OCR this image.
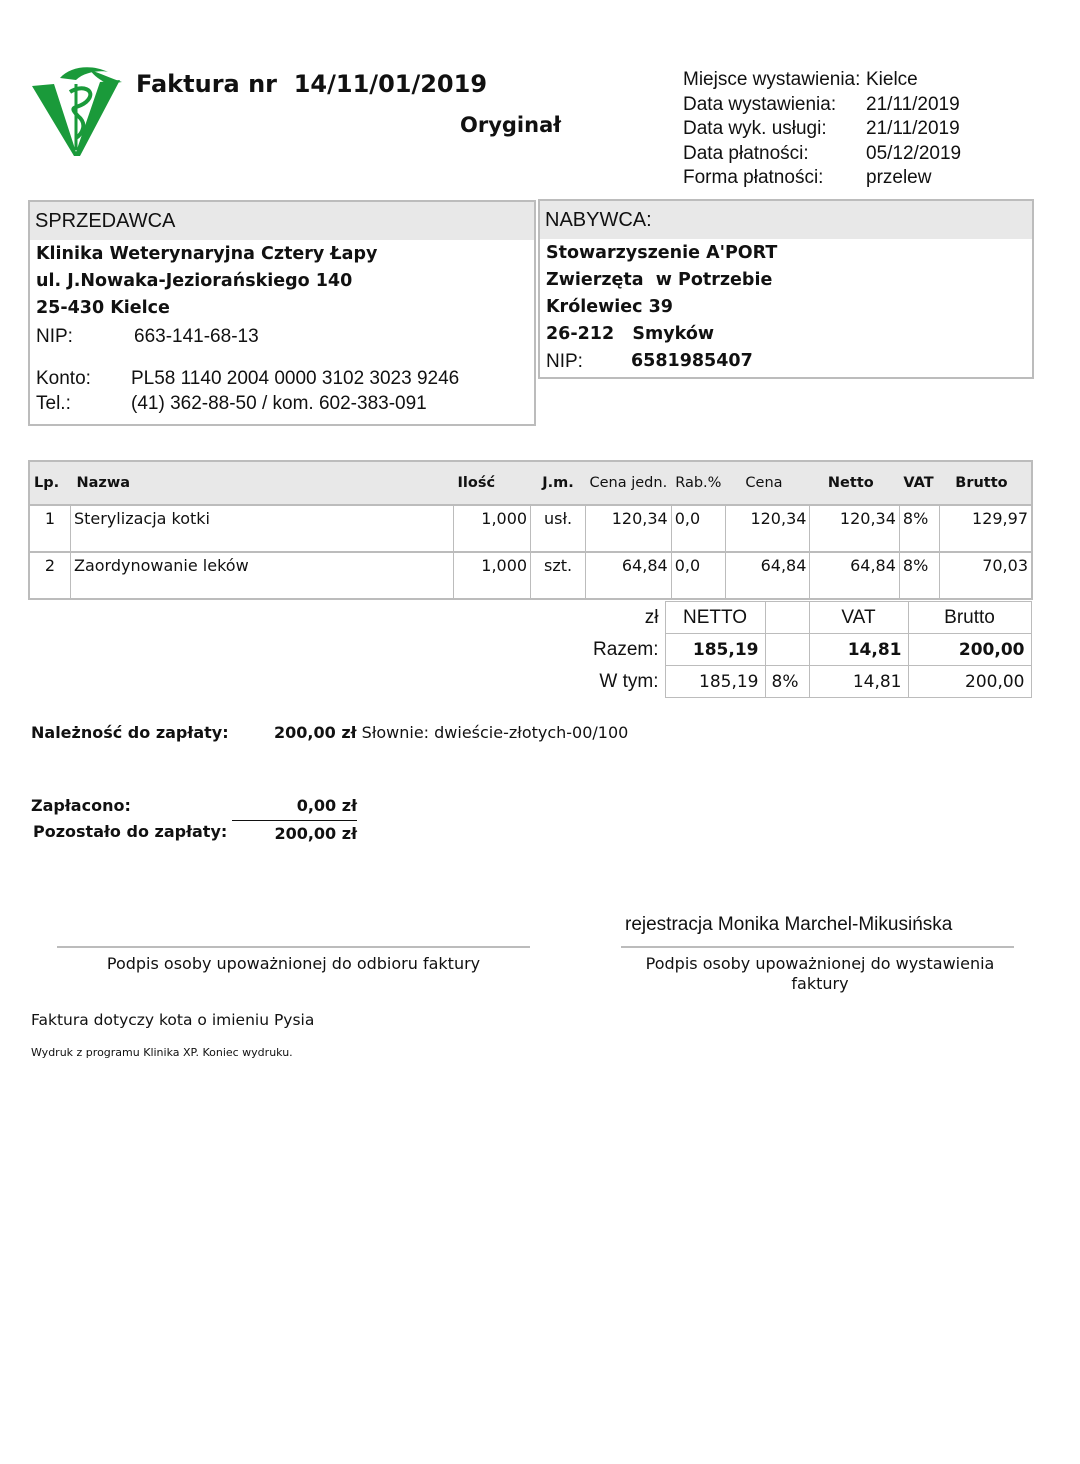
Faktura nr 14/11/01/2019
Oryginał
Miejsce wystawienia: Kielce
Data wystawienia:	21/11/2019
Data wyk. usługi:	21/11/2019
Data płatności:	05/12/2019
Forma płatności:	przelew
SPRZEDAWCA
Klinika Weterynaryjna Cztery Łapy
ul. J.Nowaka-Jeziorańskiego 140
25-430 Kielce
NIP:	663-141-68-13
Konto:	PL58 1140 2004 0000 3102 3023 9246
Tel.:	(41) 362-88-50 / kom. 602-383-091
NABYWCA:
Stowarzyszenie A'PORT
Zwierzęta  w Potrzebie
Królewiec 39
26-212   Smyków
NIP:	6581985407
Lp.	Nazwa	Ilość	J.m.	Cena jedn.	Rab.%	Cena	Netto	VAT	Brutto
1	Sterylizacja kotki	1,000	usł.	120,34	0,0	120,34	120,34	8%	129,97
2	Zaordynowanie leków	1,000	szt.	64,84	0,0	64,84	64,84	8%	70,03
zł	NETTO		VAT	Brutto
Razem:	185,19		14,81	200,00
W tym:	185,19	8%	14,81	200,00
Należność do zapłaty:	200,00 zł Słownie: dwieście-złotych-00/100
Zapłacono:	0,00 zł
Pozostało do zapłaty:	200,00 zł
rejestracja Monika Marchel-Mikusińska
Podpis osoby upoważnionej do odbioru faktury	Podpis osoby upoważnionej do wystawienia faktury
Faktura dotyczy kota o imieniu Pysia
Wydruk z programu Klinika XP. Koniec wydruku.
